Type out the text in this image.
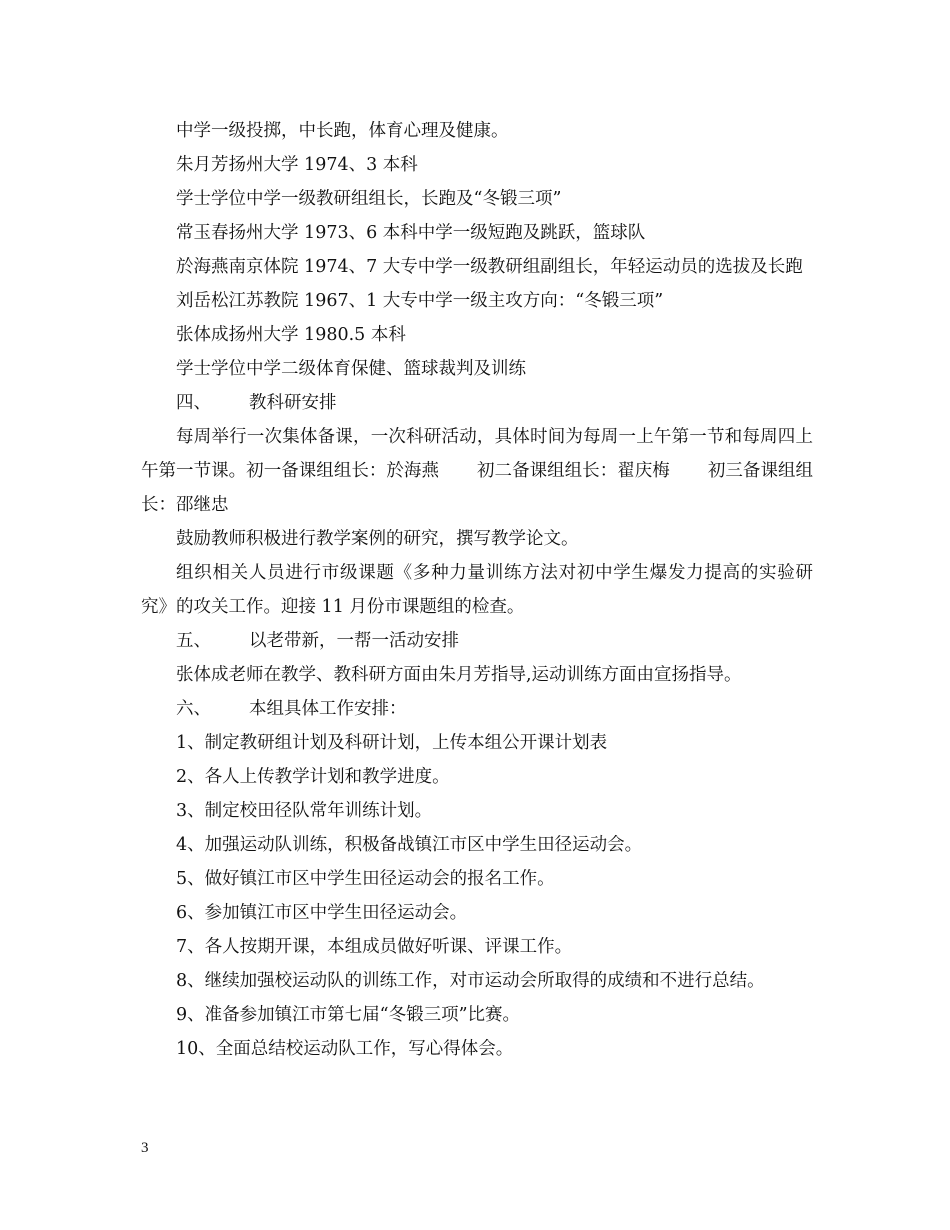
中学一级投掷，中长跑，体育心理及健康。

朱月芳扬州大学 1974、3 本科

学士学位中学一级教研组组长，长跑及“冬锻三项”

常玉春扬州大学 1973、6 本科中学一级短跑及跳跃，篮球队

於海燕南京体院 1974、7 大专中学一级教研组副组长，年轻运动员的选拔及长跑

刘岳松江苏教院 1967、1 大专中学一级主攻方向：“冬锻三项”

张体成扬州大学 1980.5 本科

学士学位中学二级体育保健、篮球裁判及训练

四、 教科研安排

每周举行一次集体备课，一次科研活动，具体时间为每周一上午第一节和每周四上午第一节课。初一备课组组长：於海燕 初二备课组组长：翟庆梅 初三备课组组长：邵继忠

鼓励教师积极进行教学案例的研究，撰写教学论文。

组织相关人员进行市级课题《多种力量训练方法对初中学生爆发力提高的实验研究》的攻关工作。迎接 11 月份市课题组的检查。

五、 以老带新，一帮一活动安排

张体成老师在教学、教科研方面由朱月芳指导,运动训练方面由宣扬指导。

六、 本组具体工作安排：

1、制定教研组计划及科研计划，上传本组公开课计划表

2、各人上传教学计划和教学进度。

3、制定校田径队常年训练计划。

4、加强运动队训练，积极备战镇江市区中学生田径运动会。

5、做好镇江市区中学生田径运动会的报名工作。

6、参加镇江市区中学生田径运动会。

7、各人按期开课，本组成员做好听课、评课工作。

8、继续加强校运动队的训练工作，对市运动会所取得的成绩和不进行总结。

9、准备参加镇江市第七届“冬锻三项”比赛。

10、全面总结校运动队工作，写心得体会。

3
